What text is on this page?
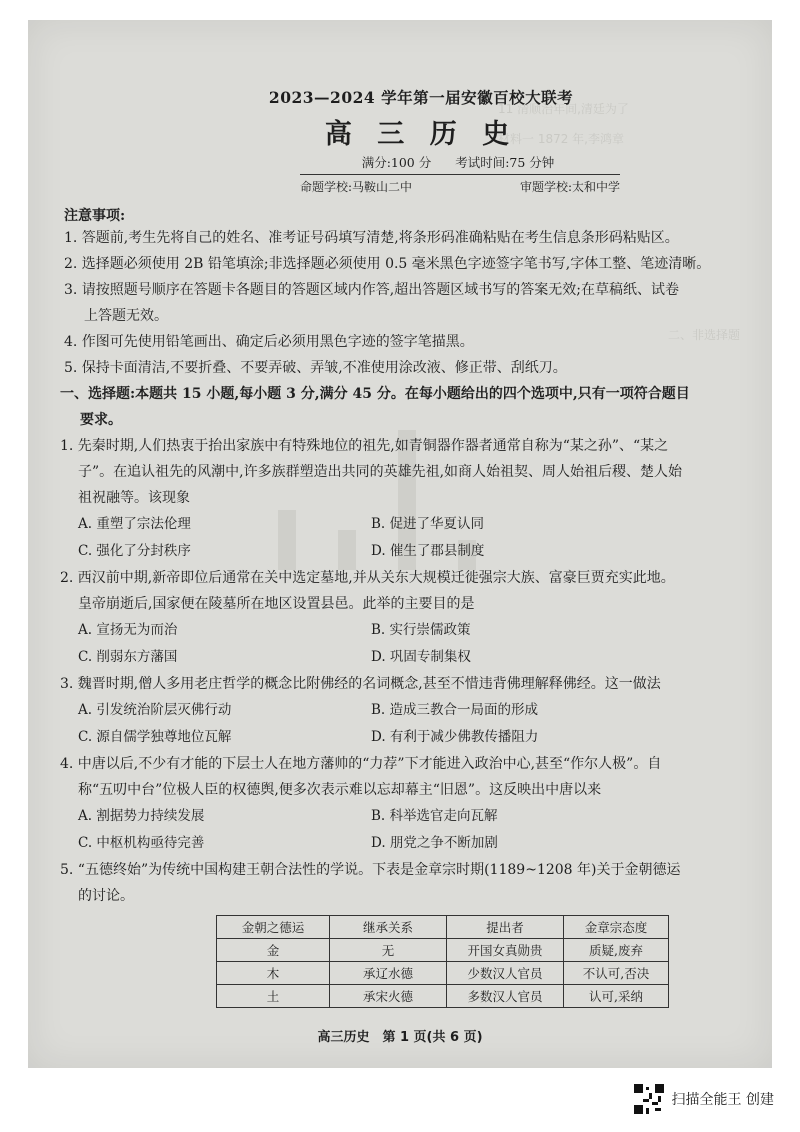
11 清顺治年间,清廷为了
材料一 1872 年,李鸿章
二、非选择题
2023—2024 学年第一届安徽百校大联考
高 三 历 史
满分:100 分 考试时间:75 分钟
命题学校:马鞍山二中	审题学校:太和中学
注意事项:
1. 答题前,考生先将自己的姓名、准考证号码填写清楚,将条形码准确粘贴在考生信息条形码粘贴区。
2. 选择题必须使用 2B 铅笔填涂;非选择题必须使用 0.5 毫米黑色字迹签字笔书写,字体工整、笔迹清晰。
3. 请按照题号顺序在答题卡各题目的答题区域内作答,超出答题区域书写的答案无效;在草稿纸、试卷
上答题无效。
4. 作图可先使用铅笔画出、确定后必须用黑色字迹的签字笔描黑。
5. 保持卡面清洁,不要折叠、不要弄破、弄皱,不准使用涂改液、修正带、刮纸刀。
一、选择题:本题共 15 小题,每小题 3 分,满分 45 分。在每小题给出的四个选项中,只有一项符合题目
要求。
1. 先秦时期,人们热衷于抬出家族中有特殊地位的祖先,如青铜器作器者通常自称为“某之孙”、“某之
子”。在追认祖先的风潮中,许多族群塑造出共同的英雄先祖,如商人始祖契、周人始祖后稷、楚人始
祖祝融等。该现象
A. 重塑了宗法伦理	B. 促进了华夏认同
C. 强化了分封秩序	D. 催生了郡县制度
2. 西汉前中期,新帝即位后通常在关中选定墓地,并从关东大规模迁徙强宗大族、富豪巨贾充实此地。
皇帝崩逝后,国家便在陵墓所在地区设置县邑。此举的主要目的是
A. 宣扬无为而治	B. 实行崇儒政策
C. 削弱东方藩国	D. 巩固专制集权
3. 魏晋时期,僧人多用老庄哲学的概念比附佛经的名词概念,甚至不惜违背佛理解释佛经。这一做法
A. 引发统治阶层灭佛行动	B. 造成三教合一局面的形成
C. 源自儒学独尊地位瓦解	D. 有利于减少佛教传播阻力
4. 中唐以后,不少有才能的下层士人在地方藩帅的“力荐”下才能进入政治中心,甚至“作尔人极”。自
称“五叨中台”位极人臣的权德舆,便多次表示难以忘却幕主“旧恩”。这反映出中唐以来
A. 割据势力持续发展	B. 科举选官走向瓦解
C. 中枢机构亟待完善	D. 朋党之争不断加剧
5. “五德终始”为传统中国构建王朝合法性的学说。下表是金章宗时期(1189~1208 年)关于金朝德运
的讨论。
金朝之德运	继承关系	提出者	金章宗态度
金	无	开国女真勋贵	质疑,废弃
木	承辽水德	少数汉人官员	不认可,否决
土	承宋火德	多数汉人官员	认可,采纳
高三历史　第 1 页(共 6 页)
扫描全能王 创建
